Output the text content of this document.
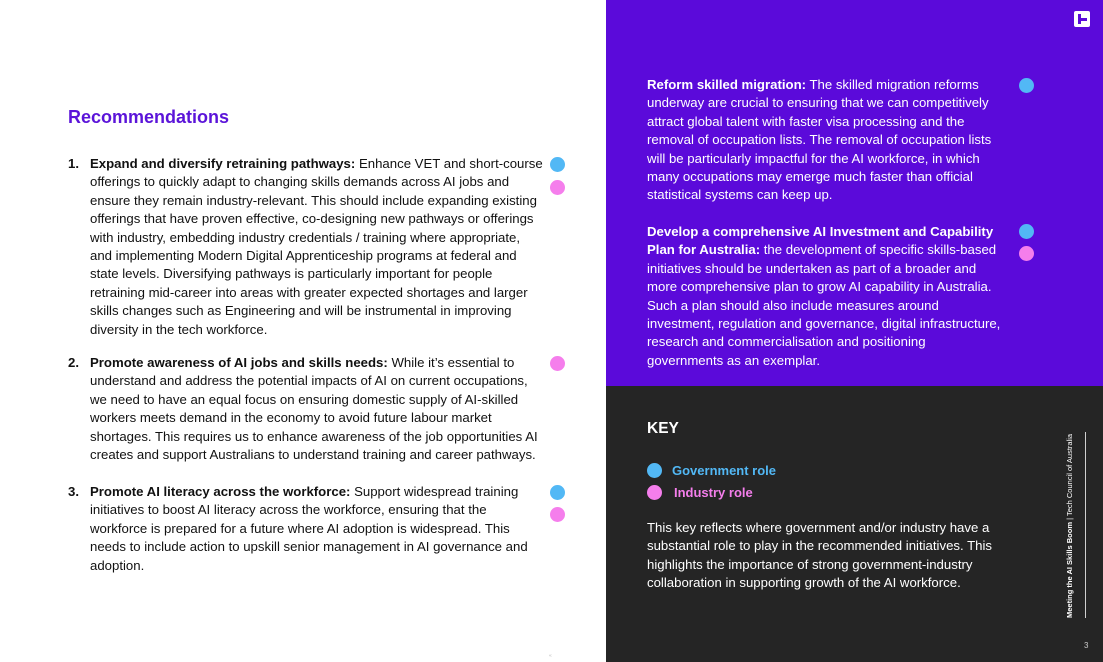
Recommendations
1. Expand and diversify retraining pathways: Enhance VET and short-course offerings to quickly adapt to changing skills demands across AI jobs and ensure they remain industry-relevant. This should include expanding existing offerings that have proven effective, co-designing new pathways or offerings with industry, embedding industry credentials / training where appropriate, and implementing Modern Digital Apprenticeship programs at federal and state levels. Diversifying pathways is particularly important for people retraining mid-career into areas with greater expected shortages and larger skills changes such as Engineering and will be instrumental in improving diversity in the tech workforce.
2. Promote awareness of AI jobs and skills needs: While it’s essential to understand and address the potential impacts of AI on current occupations, we need to have an equal focus on ensuring domestic supply of AI-skilled workers meets demand in the economy to avoid future labour market shortages. This requires us to enhance awareness of the job opportunities AI creates and support Australians to understand training and career pathways.
3. Promote AI literacy across the workforce: Support widespread training initiatives to boost AI literacy across the workforce, ensuring that the workforce is prepared for a future where AI adoption is widespread. This needs to include action to upskill senior management in AI governance and adoption.
«
Reform skilled migration: The skilled migration reforms underway are crucial to ensuring that we can competitively attract global talent with faster visa processing and the removal of occupation lists. The removal of occupation lists will be particularly impactful for the AI workforce, in which many occupations may emerge much faster than official statistical systems can keep up.
Develop a comprehensive AI Investment and Capability Plan for Australia: the development of specific skills-based initiatives should be undertaken as part of a broader and more comprehensive plan to grow AI capability in Australia. Such a plan should also include measures around investment, regulation and governance, digital infrastructure, research and commercialisation and positioning governments as an exemplar.
KEY
Government role
Industry role
This key reflects where government and/or industry have a substantial role to play in the recommended initiatives. This highlights the importance of strong government-industry collaboration in supporting growth of the AI workforce.	Meeting the AI Skills Boom | Tech Council of Australia
3
